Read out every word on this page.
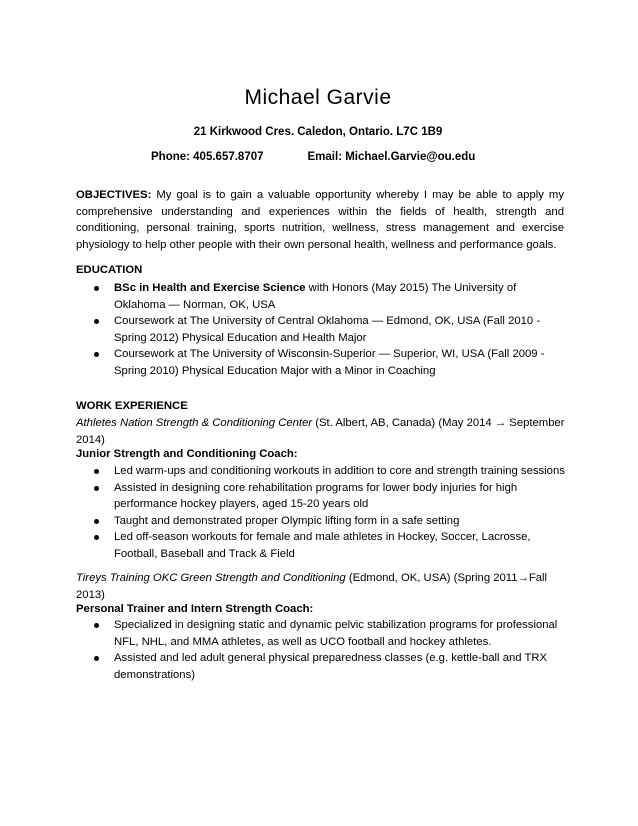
Michael Garvie
21 Kirkwood Cres. Caledon, Ontario. L7C 1B9
Phone: 405.657.8707	Email: Michael.Garvie@ou.edu
OBJECTIVES: My goal is to gain a valuable opportunity whereby I may be able to apply my comprehensive understanding and experiences within the fields of health, strength and conditioning, personal training, sports nutrition, wellness, stress management and exercise physiology to help other people with their own personal health, wellness and performance goals.
EDUCATION
BSc in Health and Exercise Science with Honors (May 2015) The University of Oklahoma — Norman, OK, USA
Coursework at The University of Central Oklahoma — Edmond, OK, USA (Fall 2010 - Spring 2012) Physical Education and Health Major
Coursework at The University of Wisconsin-Superior — Superior, WI, USA (Fall 2009 - Spring 2010) Physical Education Major with a Minor in Coaching
WORK EXPERIENCE
Athletes Nation Strength & Conditioning Center (St. Albert, AB, Canada) (May 2014 → September 2014)
Junior Strength and Conditioning Coach:
Led warm-ups and conditioning workouts in addition to core and strength training sessions
Assisted in designing core rehabilitation programs for lower body injuries for high performance hockey players, aged 15-20 years old
Taught and demonstrated proper Olympic lifting form in a safe setting
Led off-season workouts for female and male athletes in Hockey, Soccer, Lacrosse, Football, Baseball and Track & Field
Tireys Training OKC Green Strength and Conditioning (Edmond, OK, USA) (Spring 2011→Fall 2013)
Personal Trainer and Intern Strength Coach:
Specialized in designing static and dynamic pelvic stabilization programs for professional NFL, NHL, and MMA athletes, as well as UCO football and hockey athletes.
Assisted and led adult general physical preparedness classes (e.g. kettle-ball and TRX demonstrations)
